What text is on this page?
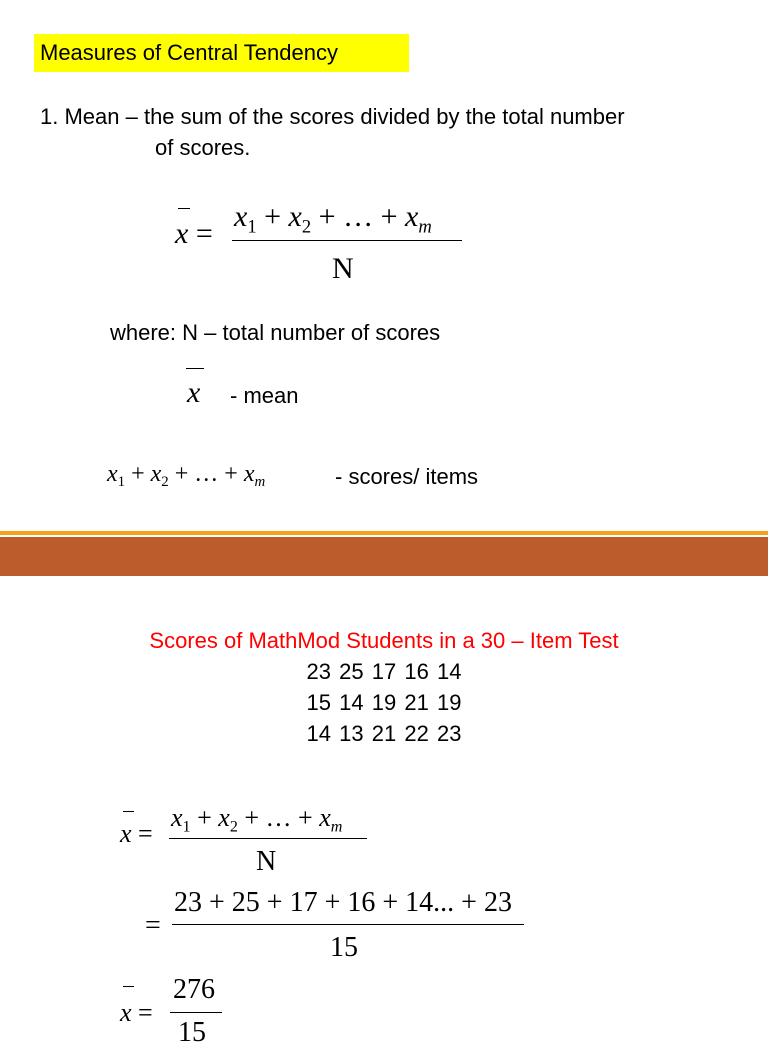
Measures of Central Tendency
1. Mean – the sum of the scores divided by the total number
of scores.
x =
$x_1 + x_2$ + … + $x_m$
N
where: N – total number of scores
x - mean
$x_1 + x_2$ + … + $x_m$	- scores/ items
Scores of MathMod Students in a 30 – Item Test
23 25 17 16 14
15 14 19 21 19
14 13 21 22 23
x =
$x_1 + x_2$ + … + $x_m$
N
=
23 + 25 + 17 + 16 + 14... + 23
15
x =
276
15
